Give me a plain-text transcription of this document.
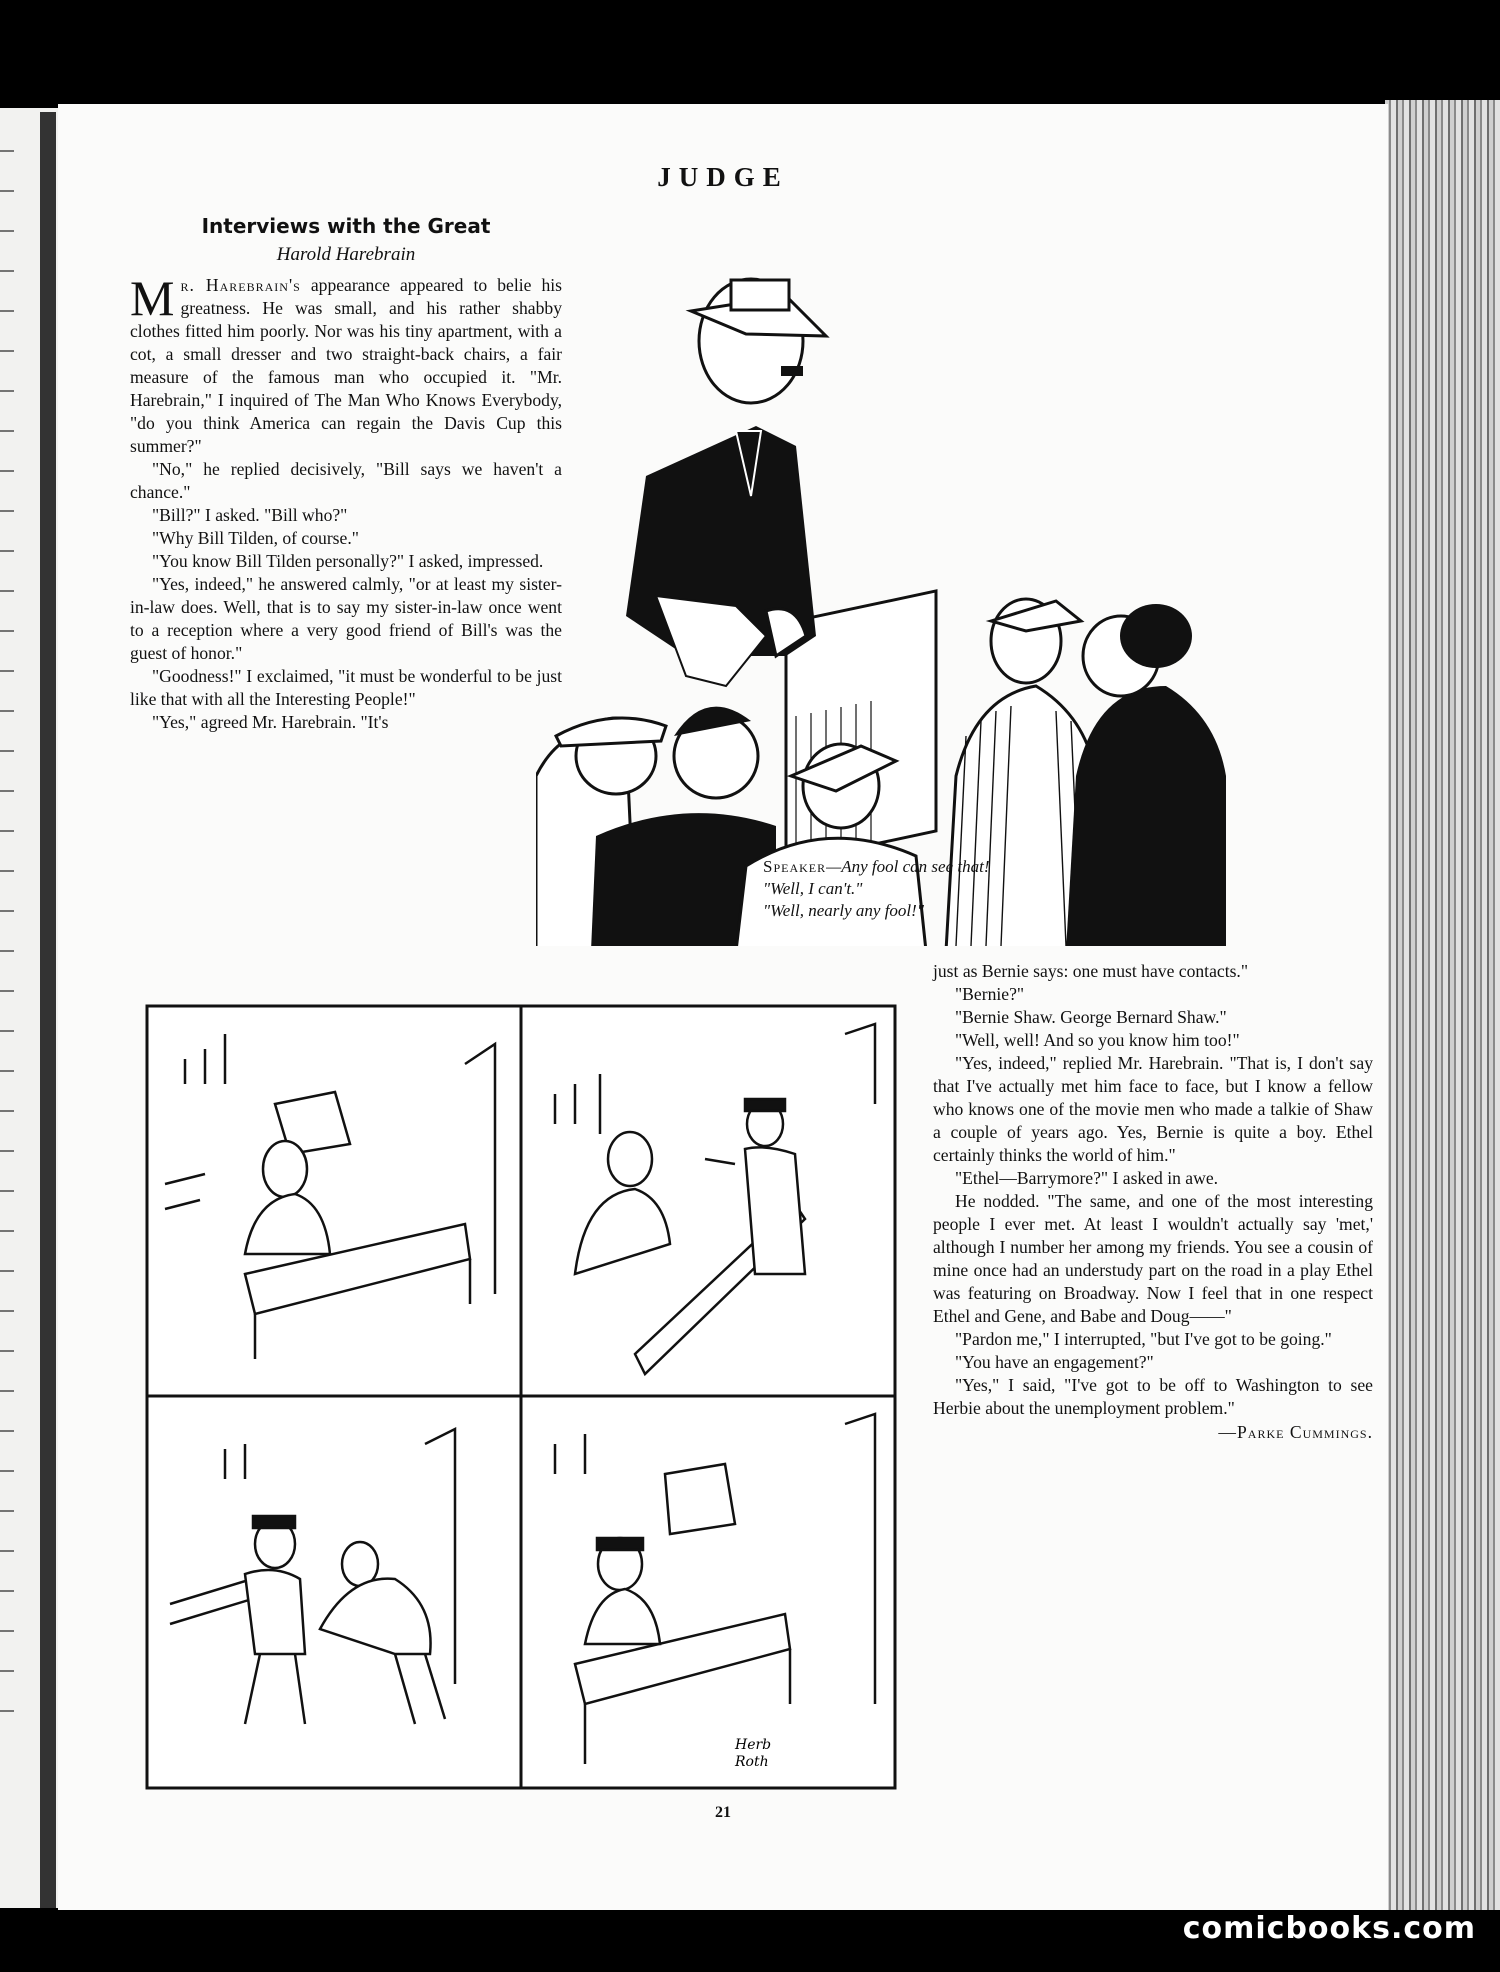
JUDGE
Interviews with the Great
Harold Harebrain

Mr. Harebrain's appearance appeared to belie his greatness. He was small, and his rather shabby clothes fitted him poorly. Nor was his tiny apartment, with a cot, a small dresser and two straight-back chairs, a fair measure of the famous man who occupied it. "Mr. Harebrain," I inquired of The Man Who Knows Everybody, "do you think America can regain the Davis Cup this summer?"

"No," he replied decisively, "Bill says we haven't a chance."

"Bill?" I asked. "Bill who?"

"Why Bill Tilden, of course."

"You know Bill Tilden personally?" I asked, impressed.

"Yes, indeed," he answered calmly, "or at least my sister-in-law does. Well, that is to say my sister-in-law once went to a reception where a very good friend of Bill's was the guest of honor."

"Goodness!" I exclaimed, "it must be wonderful to be just like that with all the Interesting People!"

"Yes," agreed Mr. Harebrain. "It's

Speaker—Any fool can see that!
"Well, I can't."
"Well, nearly any fool!"
Herb
Roth

just as Bernie says: one must have contacts."

"Bernie?"

"Bernie Shaw. George Bernard Shaw."

"Well, well! And so you know him too!"

"Yes, indeed," replied Mr. Harebrain. "That is, I don't say that I've actually met him face to face, but I know a fellow who knows one of the movie men who made a talkie of Shaw a couple of years ago. Yes, Bernie is quite a boy. Ethel certainly thinks the world of him."

"Ethel—Barrymore?" I asked in awe.

He nodded. "The same, and one of the most interesting people I ever met. At least I wouldn't actually say 'met,' although I number her among my friends. You see a cousin of mine once had an understudy part on the road in a play Ethel was featuring on Broadway. Now I feel that in one respect Ethel and Gene, and Babe and Doug——"

"Pardon me," I interrupted, "but I've got to be going."

"You have an engagement?"

"Yes," I said, "I've got to be off to Washington to see Herbie about the unemployment problem."

—Parke Cummings.
21
comicbooks.com
